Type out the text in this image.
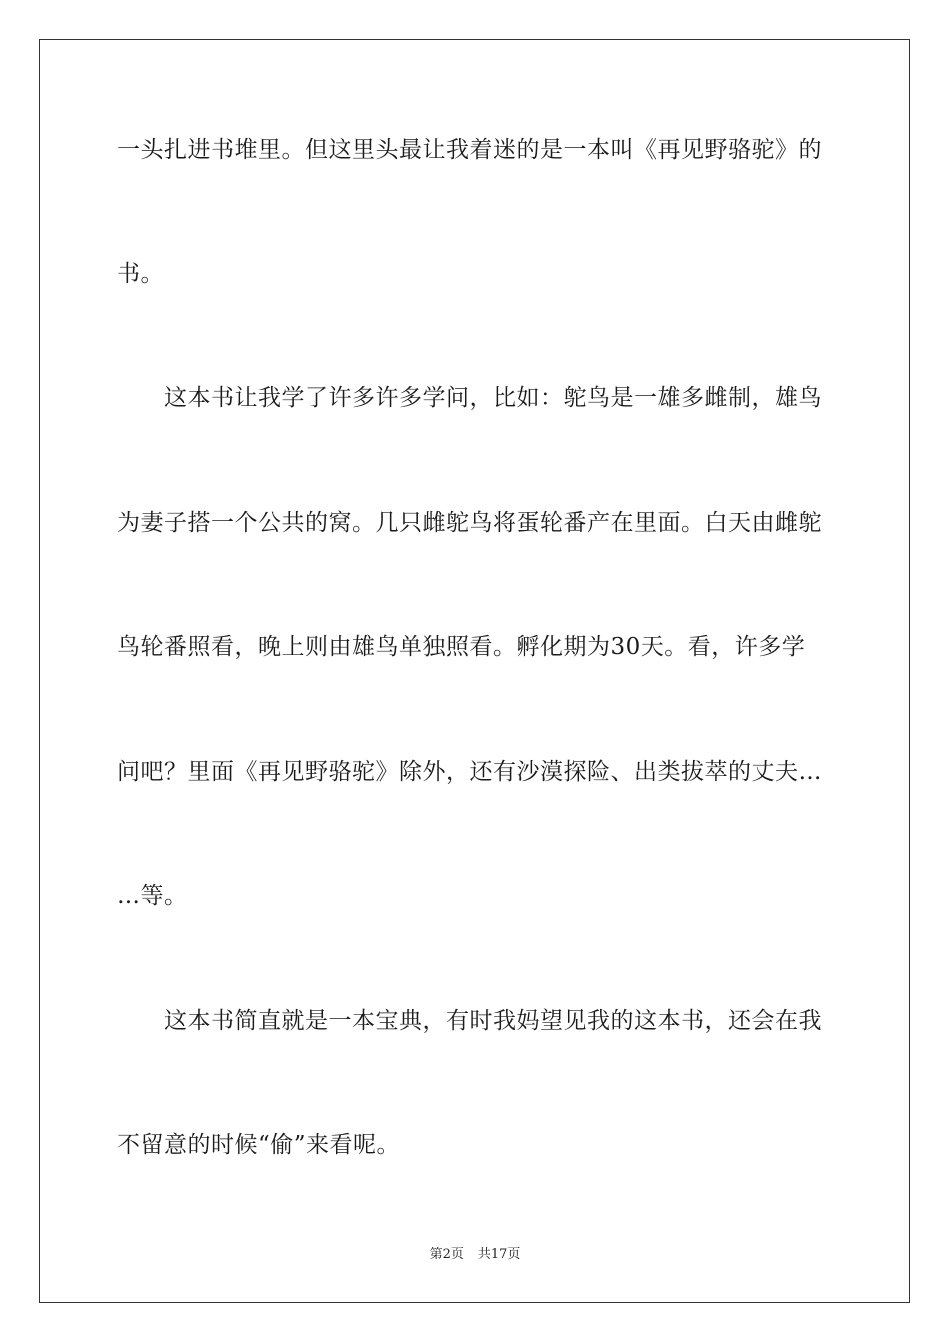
一头扎进书堆里。但这里头最让我着迷的是一本叫《再见野骆驼》的
书。
这本书让我学了许多许多学问，比如：鸵鸟是一雄多雌制，雄鸟
为妻子搭一个公共的窝。几只雌鸵鸟将蛋轮番产在里面。白天由雌鸵
鸟轮番照看，晚上则由雄鸟单独照看。孵化期为30天。看，许多学
问吧？里面《再见野骆驼》除外，还有沙漠探险、出类拔萃的丈夫…
…等。
这本书简直就是一本宝典，有时我妈望见我的这本书，还会在我
不留意的时候“偷”来看呢。
第2页 共17页
